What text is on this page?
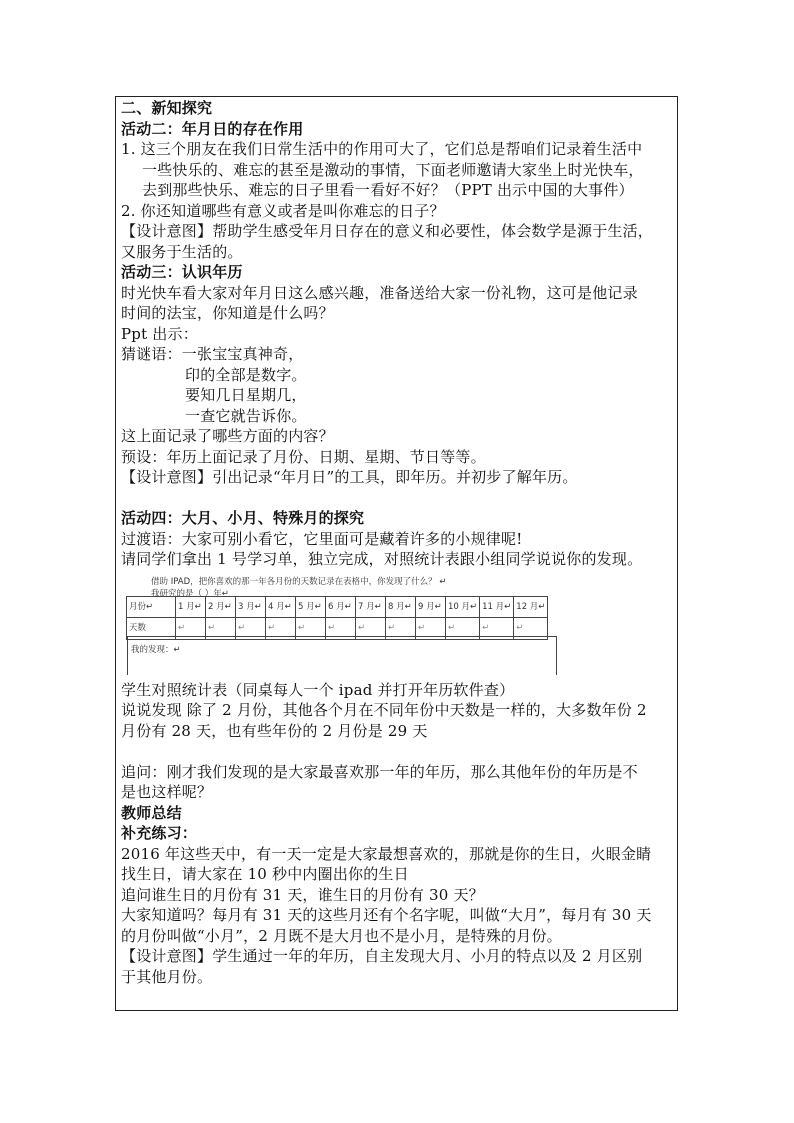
二、新知探究
活动二：年月日的存在作用
1. 这三个朋友在我们日常生活中的作用可大了，它们总是帮咱们记录着生活中
一些快乐的、难忘的甚至是激动的事情，下面老师邀请大家坐上时光快车，
去到那些快乐、难忘的日子里看一看好不好？（PPT 出示中国的大事件）
2. 你还知道哪些有意义或者是叫你难忘的日子？
【设计意图】帮助学生感受年月日存在的意义和必要性，体会数学是源于生活，
又服务于生活的。
活动三：认识年历
时光快车看大家对年月日这么感兴趣，准备送给大家一份礼物，这可是他记录
时间的法宝，你知道是什么吗？
Ppt 出示：
猜谜语：一张宝宝真神奇，
印的全部是数字。
要知几日星期几，
一查它就告诉你。
这上面记录了哪些方面的内容？
预设：年历上面记录了月份、日期、星期、节日等等。
【设计意图】引出记录“年月日”的工具，即年历。并初步了解年历。
活动四：大月、小月、特殊月的探究
过渡语：大家可别小看它，它里面可是藏着许多的小规律呢!
请同学们拿出 1 号学习单，独立完成，对照统计表跟小组同学说说你的发现。
借助 IPAD，把你喜欢的那一年各月份的天数记录在表格中，你发现了什么？ ↵
我研究的是（ ）年↵
月份↵	1 月↵	2 月↵	3 月↵	4 月↵	5 月↵	6 月↵	7 月↵	8 月↵	9 月↵	10 月↵	11 月↵	12 月↵
天数	↵	↵	↵	↵	↵	↵	↵	↵	↵	↵	↵	↵
我的发现：↵
学生对照统计表（同桌每人一个 ipad 并打开年历软件查）
说说发现 除了 2 月份，其他各个月在不同年份中天数是一样的，大多数年份 2
月份有 28 天，也有些年份的 2 月份是 29 天
追问：刚才我们发现的是大家最喜欢那一年的年历，那么其他年份的年历是不
是也这样呢？
教师总结
补充练习：
2016 年这些天中，有一天一定是大家最想喜欢的，那就是你的生日，火眼金睛
找生日，请大家在 10 秒中内圈出你的生日
追问谁生日的月份有 31 天，谁生日的月份有 30 天？
大家知道吗？每月有 31 天的这些月还有个名字呢，叫做“大月”，每月有 30 天
的月份叫做“小月”，2 月既不是大月也不是小月，是特殊的月份。
【设计意图】学生通过一年的年历，自主发现大月、小月的特点以及 2 月区别
于其他月份。
